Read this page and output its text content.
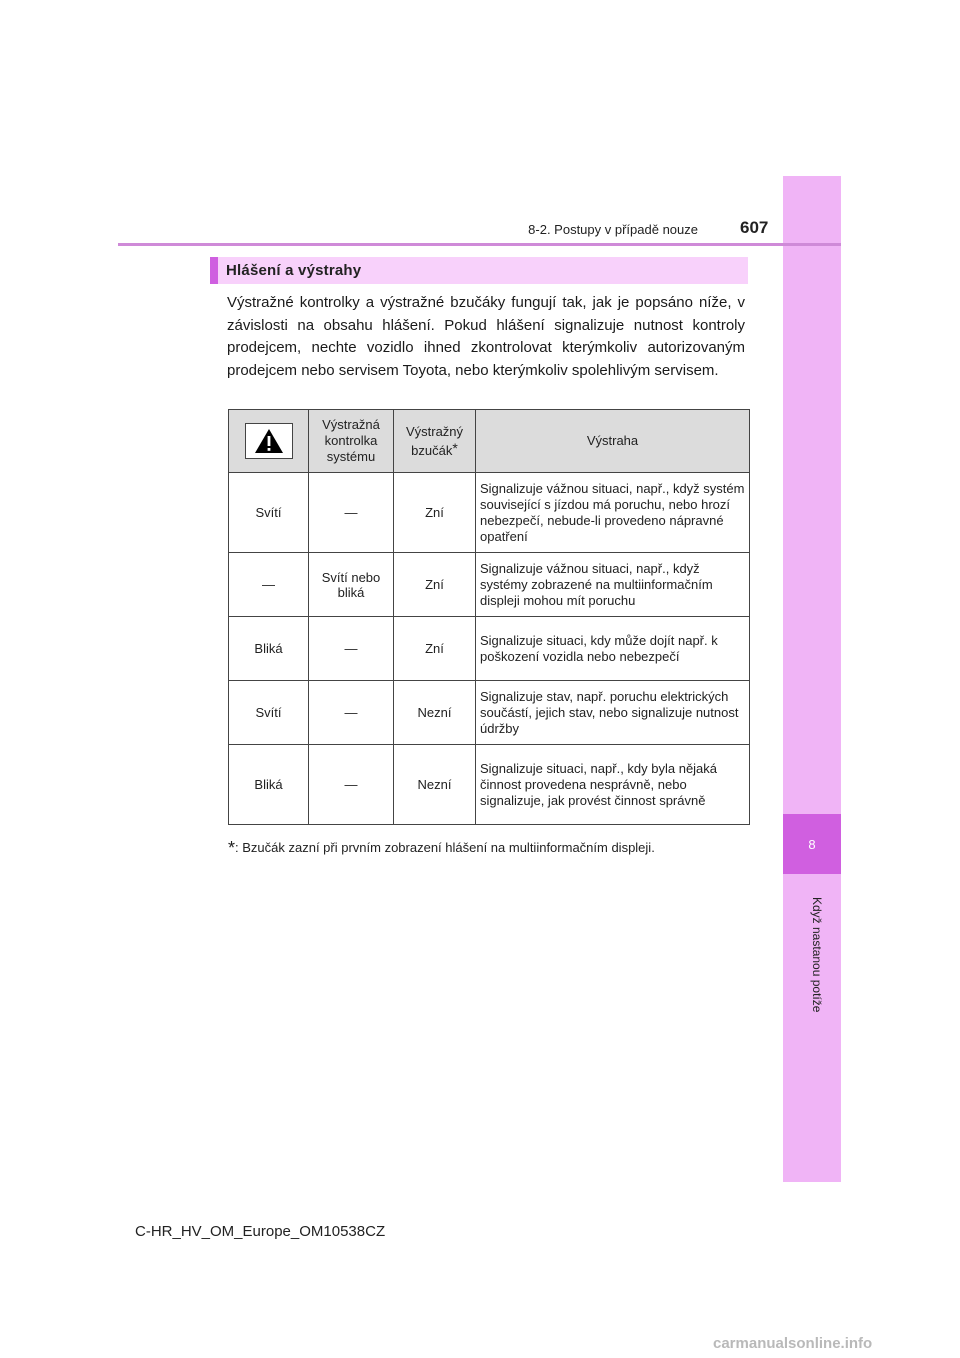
8
Když nastanou potíže
8-2. Postupy v případě nouze 607
Hlášení a výstrahy
Výstražné kontrolky a výstražné bzučáky fungují tak, jak je popsáno níže, v závislosti na obsahu hlášení. Pokud hlášení signalizuje nutnost kontroly prodejcem, nechte vozidlo ihned zkontrolovat kterýmkoliv autorizovaným prodejcem nebo servisem Toyota, nebo kterýmkoliv spolehlivým servisem.
	Výstražná kontrolka systému	Výstražný bzučák*	Výstraha
Svítí	—	Zní	Signalizuje vážnou situaci, např., když systém související s jízdou má poruchu, nebo hrozí nebezpečí, nebude-li provedeno nápravné opatření
—	Svítí nebo bliká	Zní	Signalizuje vážnou situaci, např., když systémy zobrazené na multiinformačním displeji mohou mít poruchu
Bliká	—	Zní	Signalizuje situaci, kdy může dojít např. k poškození vozidla nebo nebezpečí
Svítí	—	Nezní	Signalizuje stav, např. poruchu elektrických součástí, jejich stav, nebo signalizuje nutnost údržby
Bliká	—	Nezní	Signalizuje situaci, např., kdy byla nějaká činnost provedena nesprávně, nebo signalizuje, jak provést činnost správně
*: Bzučák zazní při prvním zobrazení hlášení na multiinformačním displeji.
C-HR_HV_OM_Europe_OM10538CZ
carmanualsonline.info
